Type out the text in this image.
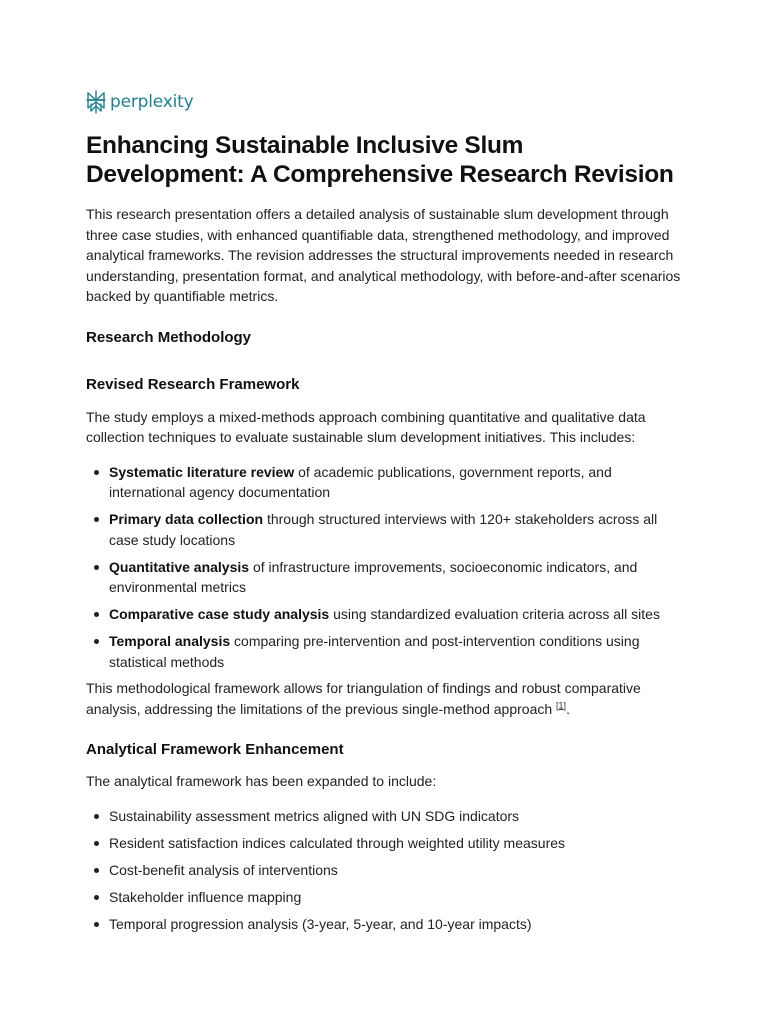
perplexity
Enhancing Sustainable Inclusive Slum Development: A Comprehensive Research Revision

This research presentation offers a detailed analysis of sustainable slum development through three case studies, with enhanced quantifiable data, strengthened methodology, and improved analytical frameworks. The revision addresses the structural improvements needed in research understanding, presentation format, and analytical methodology, with before-and-after scenarios backed by quantifiable metrics.

Research Methodology
Revised Research Framework

The study employs a mixed-methods approach combining quantitative and qualitative data collection techniques to evaluate sustainable slum development initiatives. This includes:

Systematic literature review of academic publications, government reports, and international agency documentation
Primary data collection through structured interviews with 120+ stakeholders across all case study locations
Quantitative analysis of infrastructure improvements, socioeconomic indicators, and environmental metrics
Comparative case study analysis using standardized evaluation criteria across all sites
Temporal analysis comparing pre-intervention and post-intervention conditions using statistical methods

This methodological framework allows for triangulation of findings and robust comparative analysis, addressing the limitations of the previous single-method approach [1].

Analytical Framework Enhancement

The analytical framework has been expanded to include:

Sustainability assessment metrics aligned with UN SDG indicators
Resident satisfaction indices calculated through weighted utility measures
Cost-benefit analysis of interventions
Stakeholder influence mapping
Temporal progression analysis (3-year, 5-year, and 10-year impacts)
